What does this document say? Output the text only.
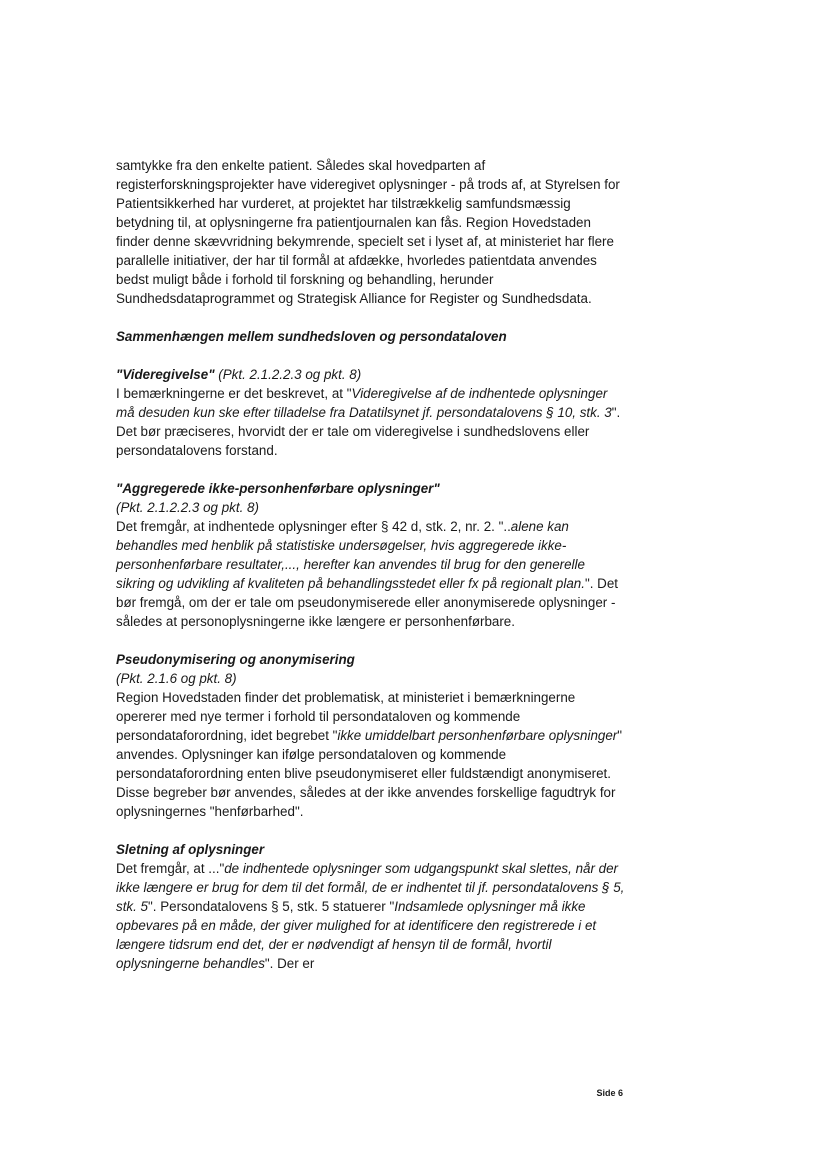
samtykke fra den enkelte patient. Således skal hovedparten af registerforskningsprojekter have videregivet oplysninger - på trods af, at Styrelsen for Patientsikkerhed har vurderet, at projektet har tilstrækkelig samfundsmæssig betydning til, at oplysningerne fra patientjournalen kan fås. Region Hovedstaden finder denne skævvridning bekymrende, specielt set i lyset af, at ministeriet har flere parallelle initiativer, der har til formål at afdække, hvorledes patientdata anvendes bedst muligt både i forhold til forskning og behandling, herunder Sundhedsdataprogrammet og Strategisk Alliance for Register og Sundhedsdata.

Sammenhængen mellem sundhedsloven og persondataloven

"Videregivelse" (Pkt. 2.1.2.2.3 og pkt. 8)

I bemærkningerne er det beskrevet, at "Videregivelse af de indhentede oplysninger må desuden kun ske efter tilladelse fra Datatilsynet jf. persondatalovens § 10, stk. 3". Det bør præciseres, hvorvidt der er tale om videregivelse i sundhedslovens eller persondatalovens forstand.

"Aggregerede ikke-personhenførbare oplysninger"

(Pkt. 2.1.2.2.3 og pkt. 8)

Det fremgår, at indhentede oplysninger efter § 42 d, stk. 2, nr. 2. "..alene kan behandles med henblik på statistiske undersøgelser, hvis aggregerede ikke-personhenførbare resultater,..., herefter kan anvendes til brug for den generelle sikring og udvikling af kvaliteten på behandlingsstedet eller fx på regionalt plan.". Det bør fremgå, om der er tale om pseudonymiserede eller anonymiserede oplysninger - således at personoplysningerne ikke længere er personhenførbare.

Pseudonymisering og anonymisering

(Pkt. 2.1.6 og pkt. 8)

Region Hovedstaden finder det problematisk, at ministeriet i bemærkningerne opererer med nye termer i forhold til persondataloven og kommende persondataforordning, idet begrebet "ikke umiddelbart personhenførbare oplysninger" anvendes. Oplysninger kan ifølge persondataloven og kommende persondataforordning enten blive pseudonymiseret eller fuldstændigt anonymiseret. Disse begreber bør anvendes, således at der ikke anvendes forskellige fagudtryk for oplysningernes "henførbarhed".

Sletning af oplysninger

Det fremgår, at ..."de indhentede oplysninger som udgangspunkt skal slettes, når der ikke længere er brug for dem til det formål, de er indhentet til jf. persondatalovens § 5, stk. 5". Persondatalovens § 5, stk. 5 statuerer "Indsamlede oplysninger må ikke opbevares på en måde, der giver mulighed for at identificere den registrerede i et længere tidsrum end det, der er nødvendigt af hensyn til de formål, hvortil oplysningerne behandles". Der er

Side 6
